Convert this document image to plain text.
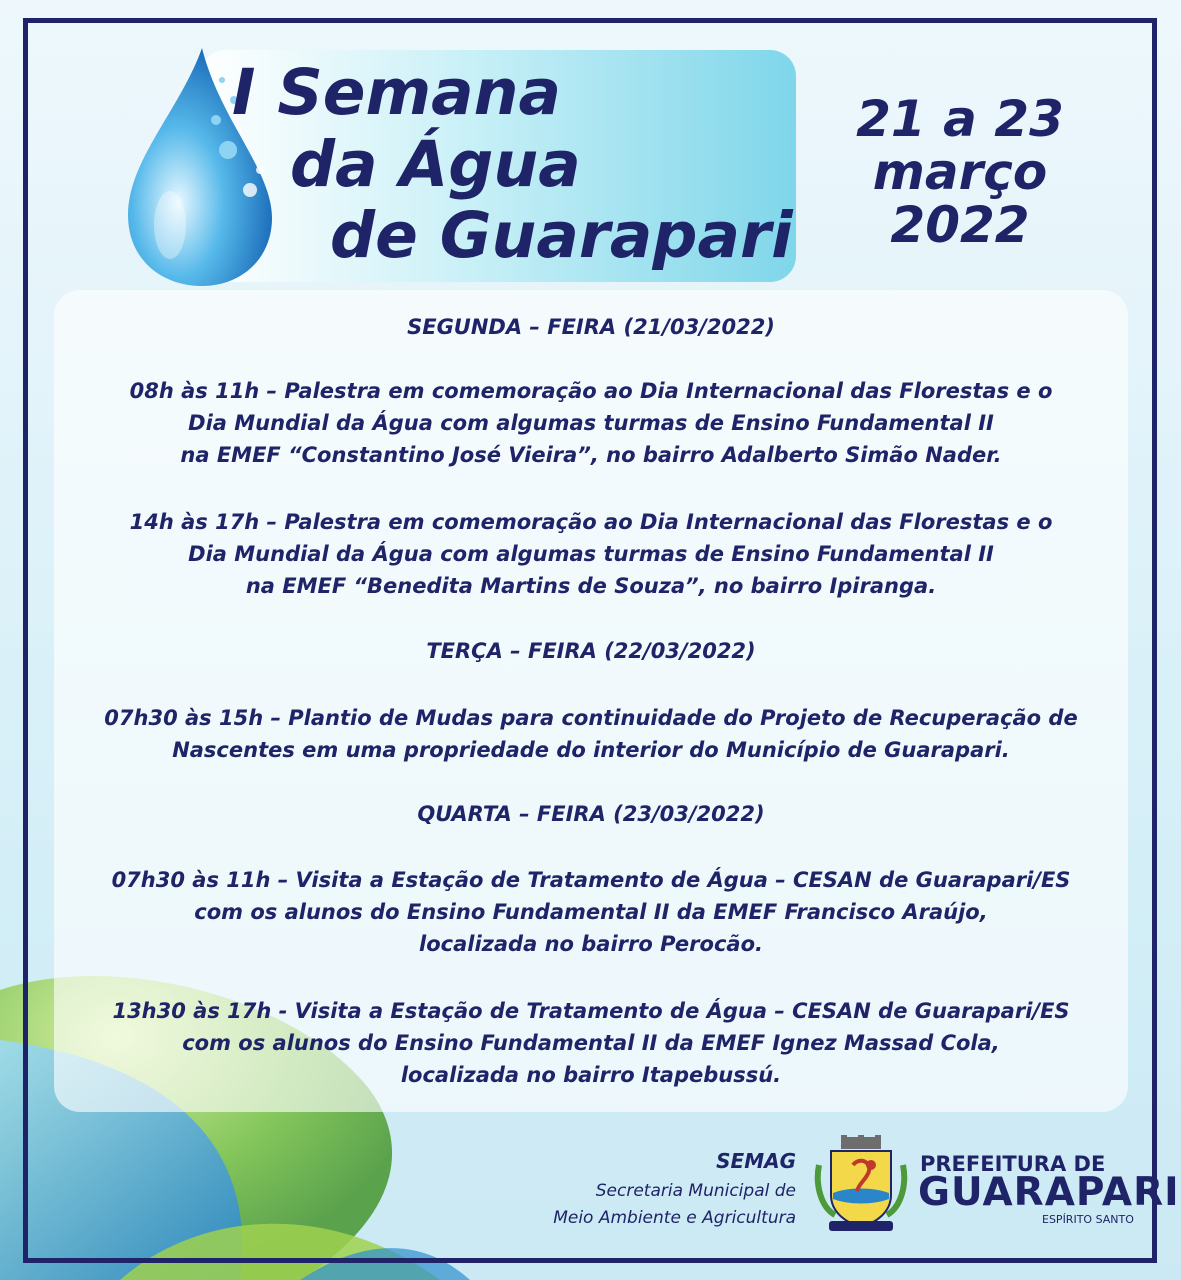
I Semana
da Água
de Guarapari
21 a 23
março
2022
SEGUNDA – FEIRA (21/03/2022)
08h às 11h – Palestra em comemoração ao Dia Internacional das Florestas e o
Dia Mundial da Água com algumas turmas de Ensino Fundamental II
na EMEF “Constantino José Vieira”, no bairro Adalberto Simão Nader.
14h às 17h – Palestra em comemoração ao Dia Internacional das Florestas e o
Dia Mundial da Água com algumas turmas de Ensino Fundamental II
na EMEF “Benedita Martins de Souza”, no bairro Ipiranga.
TERÇA – FEIRA (22/03/2022)
07h30 às 15h – Plantio de Mudas para continuidade do Projeto de Recuperação de
Nascentes em uma propriedade do interior do Município de Guarapari.
QUARTA – FEIRA (23/03/2022)
07h30 às 11h – Visita a Estação de Tratamento de Água – CESAN de Guarapari/ES
com os alunos do Ensino Fundamental II da EMEF Francisco Araújo,
localizada no bairro Perocão.
13h30 às 17h - Visita a Estação de Tratamento de Água – CESAN de Guarapari/ES
com os alunos do Ensino Fundamental II da EMEF Ignez Massad Cola,
localizada no bairro Itapebussú.
SEMAG
Secretaria Municipal de
Meio Ambiente e Agricultura
PREFEITURA DE
GUARAPARI
ESPÍRITO SANTO
